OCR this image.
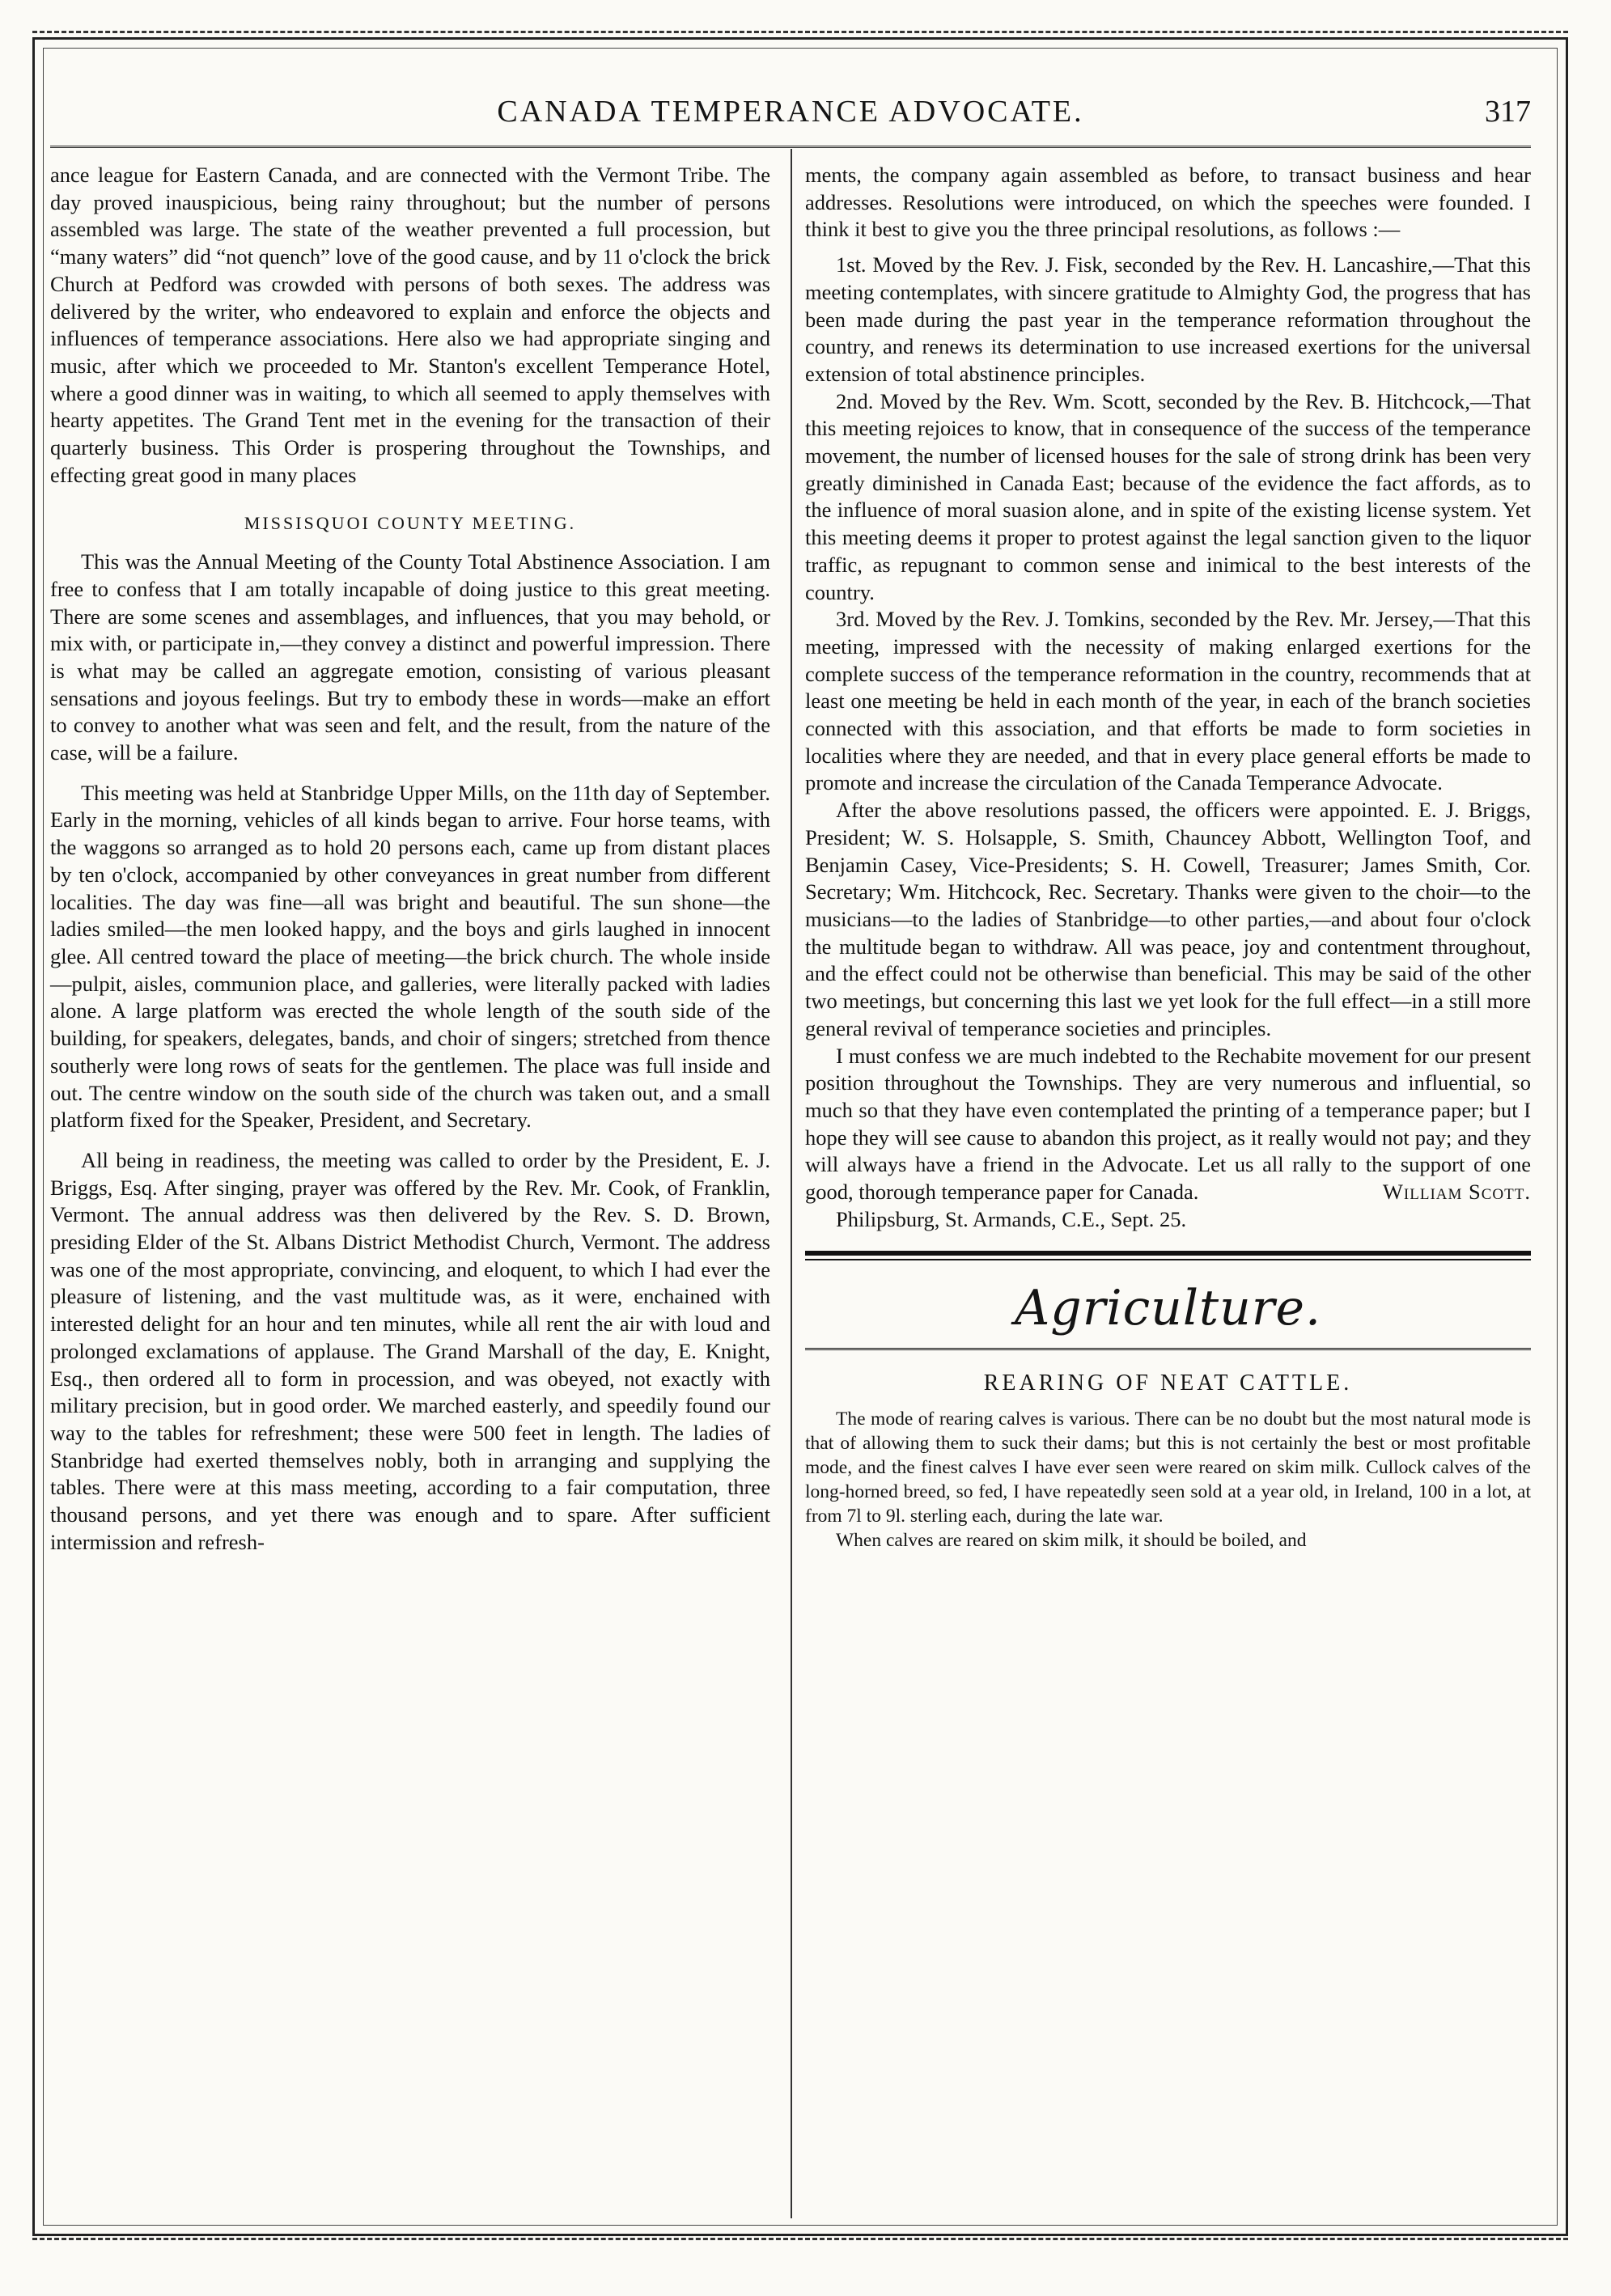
CANADA TEMPERANCE ADVOCATE.	317

ance league for Eastern Canada, and are connected with the Vermont Tribe. The day proved inauspicious, being rainy throughout; but the number of persons assembled was large. The state of the weather prevented a full procession, but “many waters” did “not quench” love of the good cause, and by 11 o'clock the brick Church at Pedford was crowded with persons of both sexes. The address was delivered by the writer, who endeavored to explain and enforce the objects and influences of temperance associations. Here also we had appropriate singing and music, after which we proceeded to Mr. Stanton's excellent Temperance Hotel, where a good dinner was in waiting, to which all seemed to apply themselves with hearty appetites. The Grand Tent met in the evening for the transaction of their quarterly business. This Order is prospering throughout the Townships, and effecting great good in many places

MISSISQUOI COUNTY MEETING.

This was the Annual Meeting of the County Total Abstinence Association. I am free to confess that I am totally incapable of doing justice to this great meeting. There are some scenes and assemblages, and influences, that you may behold, or mix with, or participate in,—they convey a distinct and powerful impression. There is what may be called an aggregate emotion, consisting of various pleasant sensations and joyous feelings. But try to embody these in words—make an effort to convey to another what was seen and felt, and the result, from the nature of the case, will be a failure.

This meeting was held at Stanbridge Upper Mills, on the 11th day of September. Early in the morning, vehicles of all kinds began to arrive. Four horse teams, with the waggons so arranged as to hold 20 persons each, came up from distant places by ten o'clock, accompanied by other conveyances in great number from different localities. The day was fine—all was bright and beautiful. The sun shone—the ladies smiled—the men looked happy, and the boys and girls laughed in innocent glee. All centred toward the place of meeting—the brick church. The whole inside—pulpit, aisles, communion place, and galleries, were literally packed with ladies alone. A large platform was erected the whole length of the south side of the building, for speakers, delegates, bands, and choir of singers; stretched from thence southerly were long rows of seats for the gentlemen. The place was full inside and out. The centre window on the south side of the church was taken out, and a small platform fixed for the Speaker, President, and Secretary.

All being in readiness, the meeting was called to order by the President, E. J. Briggs, Esq. After singing, prayer was offered by the Rev. Mr. Cook, of Franklin, Vermont. The annual address was then delivered by the Rev. S. D. Brown, presiding Elder of the St. Albans District Methodist Church, Vermont. The address was one of the most appropriate, convincing, and eloquent, to which I had ever the pleasure of listening, and the vast multitude was, as it were, enchained with interested delight for an hour and ten minutes, while all rent the air with loud and prolonged exclamations of applause. The Grand Marshall of the day, E. Knight, Esq., then ordered all to form in procession, and was obeyed, not exactly with military precision, but in good order. We marched easterly, and speedily found our way to the tables for refreshment; these were 500 feet in length. The ladies of Stanbridge had exerted themselves nobly, both in arranging and supplying the tables. There were at this mass meeting, according to a fair computation, three thousand persons, and yet there was enough and to spare. After sufficient intermission and refresh-

ments, the company again assembled as before, to transact business and hear addresses. Resolutions were introduced, on which the speeches were founded. I think it best to give you the three principal resolutions, as follows :—

1st. Moved by the Rev. J. Fisk, seconded by the Rev. H. Lancashire,—That this meeting contemplates, with sincere gratitude to Almighty God, the progress that has been made during the past year in the temperance reformation throughout the country, and renews its determination to use increased exertions for the universal extension of total abstinence principles.

2nd. Moved by the Rev. Wm. Scott, seconded by the Rev. B. Hitchcock,—That this meeting rejoices to know, that in consequence of the success of the temperance movement, the number of licensed houses for the sale of strong drink has been very greatly diminished in Canada East; because of the evidence the fact affords, as to the influence of moral suasion alone, and in spite of the existing license system. Yet this meeting deems it proper to protest against the legal sanction given to the liquor traffic, as repugnant to common sense and inimical to the best interests of the country.

3rd. Moved by the Rev. J. Tomkins, seconded by the Rev. Mr. Jersey,—That this meeting, impressed with the necessity of making enlarged exertions for the complete success of the temperance reformation in the country, recommends that at least one meeting be held in each month of the year, in each of the branch societies connected with this association, and that efforts be made to form societies in localities where they are needed, and that in every place general efforts be made to promote and increase the circulation of the Canada Temperance Advocate.

After the above resolutions passed, the officers were appointed. E. J. Briggs, President; W. S. Holsapple, S. Smith, Chauncey Abbott, Wellington Toof, and Benjamin Casey, Vice-Presidents; S. H. Cowell, Treasurer; James Smith, Cor. Secretary; Wm. Hitchcock, Rec. Secretary. Thanks were given to the choir—to the musicians—to the ladies of Stanbridge—to other parties,—and about four o'clock the multitude began to withdraw. All was peace, joy and contentment throughout, and the effect could not be otherwise than beneficial. This may be said of the other two meetings, but concerning this last we yet look for the full effect—in a still more general revival of temperance societies and principles.

I must confess we are much indebted to the Rechabite movement for our present position throughout the Townships. They are very numerous and influential, so much so that they have even contemplated the printing of a temperance paper; but I hope they will see cause to abandon this project, as it really would not pay; and they will always have a friend in the Advocate. Let us all rally to the support of one good, thorough temperance paper for Canada.	William Scott.

Philipsburg, St. Armands, C.E., Sept. 25.

Agriculture.
REARING OF NEAT CATTLE.

The mode of rearing calves is various. There can be no doubt but the most natural mode is that of allowing them to suck their dams; but this is not certainly the best or most profitable mode, and the finest calves I have ever seen were reared on skim milk. Cullock calves of the long-horned breed, so fed, I have repeatedly seen sold at a year old, in Ireland, 100 in a lot, at from 7l to 9l. sterling each, during the late war.

When calves are reared on skim milk, it should be boiled, and
